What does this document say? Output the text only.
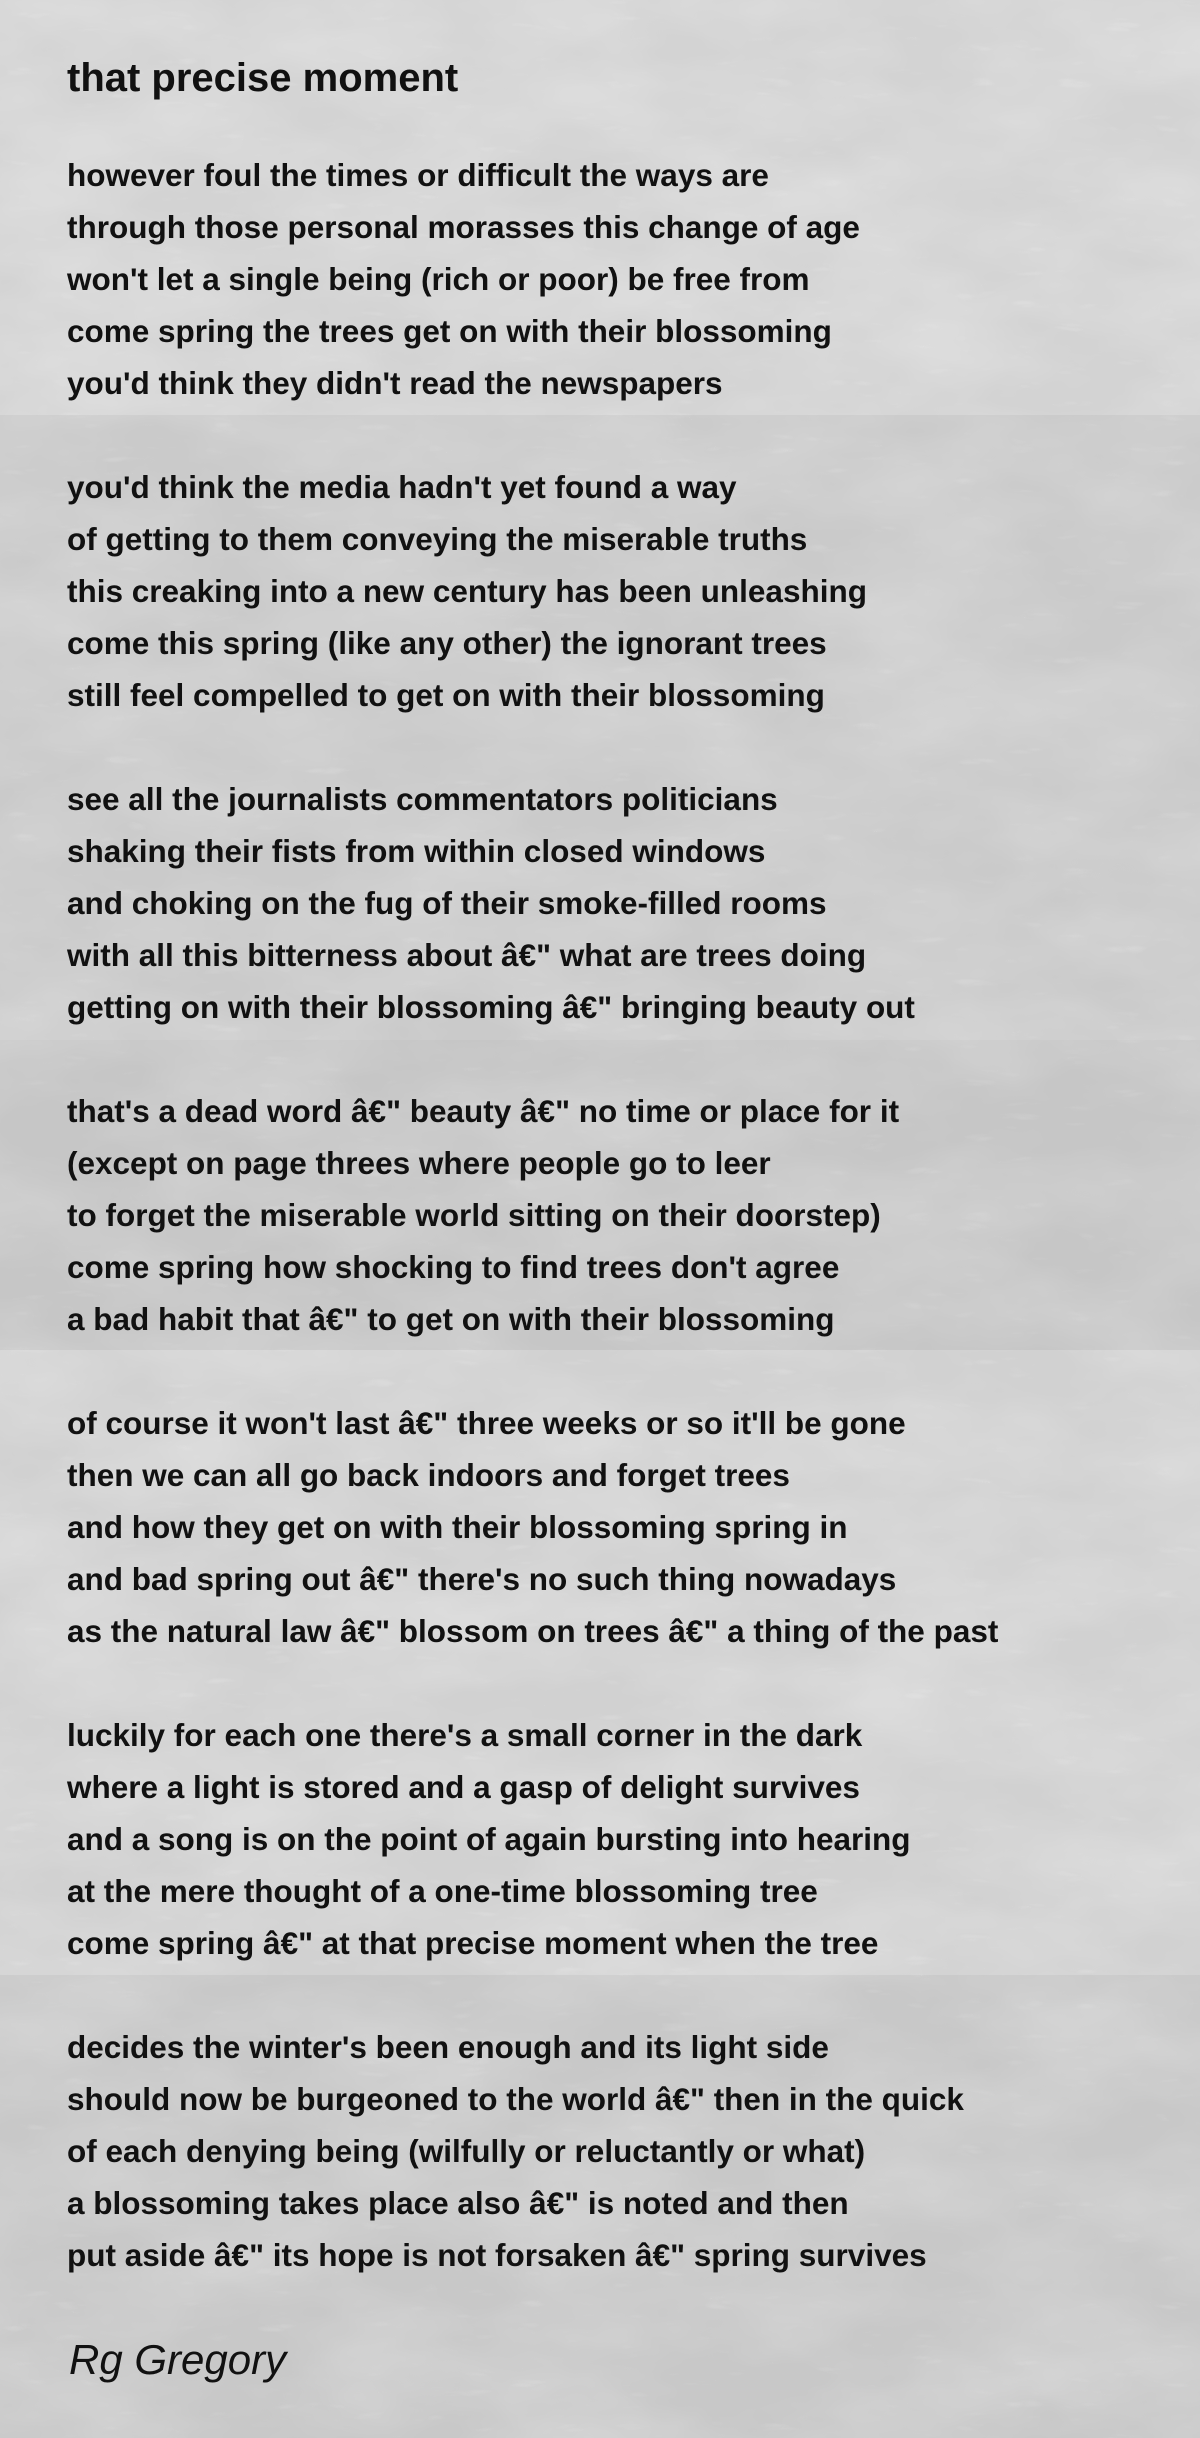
that precise moment
however foul the times or difficult the ways are
through those personal morasses this change of age
won't let a single being (rich or poor) be free from
come spring the trees get on with their blossoming
you'd think they didn't read the newspapers
you'd think the media hadn't yet found a way
of getting to them conveying the miserable truths
this creaking into a new century has been unleashing
come this spring (like any other) the ignorant trees
still feel compelled to get on with their blossoming
see all the journalists commentators politicians
shaking their fists from within closed windows
and choking on the fug of their smoke-filled rooms
with all this bitterness about â€" what are trees doing
getting on with their blossoming â€" bringing beauty out
that's a dead word â€" beauty â€" no time or place for it
(except on page threes where people go to leer
to forget the miserable world sitting on their doorstep)
come spring how shocking to find trees don't agree
a bad habit that â€" to get on with their blossoming
of course it won't last â€" three weeks or so it'll be gone
then we can all go back indoors and forget trees
and how they get on with their blossoming spring in
and bad spring out â€" there's no such thing nowadays
as the natural law â€" blossom on trees â€" a thing of the past
luckily for each one there's a small corner in the dark
where a light is stored and a gasp of delight survives
and a song is on the point of again bursting into hearing
at the mere thought of a one-time blossoming tree
come spring â€" at that precise moment when the tree
decides the winter's been enough and its light side
should now be burgeoned to the world â€" then in the quick
of each denying being (wilfully or reluctantly or what)
a blossoming takes place also â€" is noted and then
put aside â€" its hope is not forsaken â€" spring survives
Rg Gregory
